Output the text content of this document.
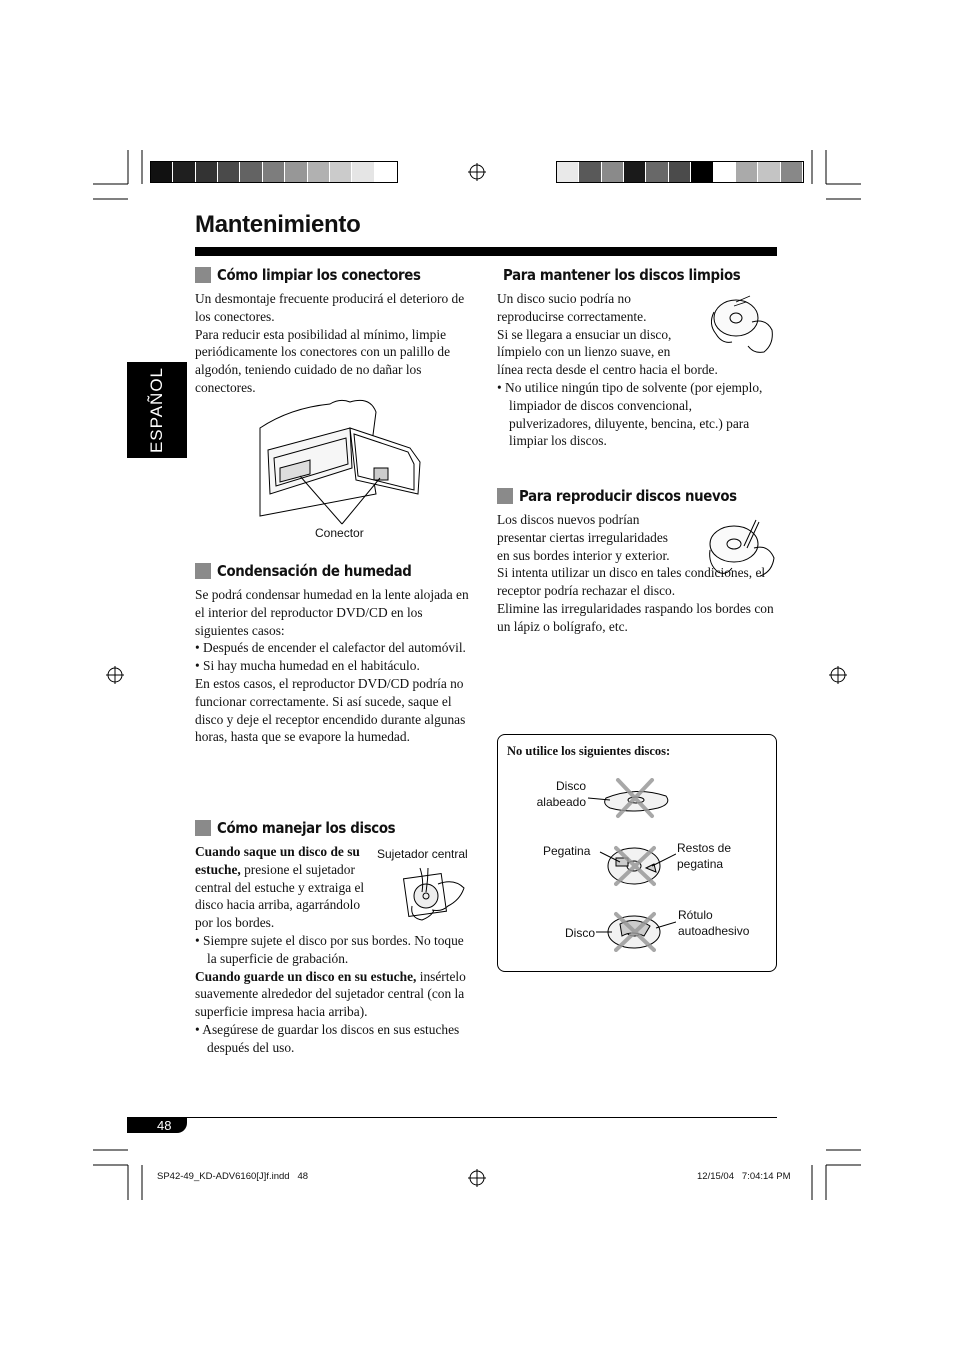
Mantenimiento
ESPAÑOL
Cómo limpiar los conectores
Un desmontaje frecuente producirá el deterioro de los conectores.
Para reducir esta posibilidad al mínimo, limpie periódicamente los conectores con un palillo de algodón, teniendo cuidado de no dañar los conectores.
Conector
Condensación de humedad
Se podrá condensar humedad en la lente alojada en el interior del reproductor DVD/CD en los siguientes casos:
• Después de encender el calefactor del automóvil.
• Si hay mucha humedad en el habitáculo.
En estos casos, el reproductor DVD/CD podría no funcionar correctamente. Si así sucede, saque el disco y deje el receptor encendido durante algunas horas, hasta que se evapore la humedad.
Cómo manejar los discos
Cuando saque un disco de su estuche, presione el sujetador central del estuche y extraiga el disco hacia arriba, agarrándolo por los bordes.
• Siempre sujete el disco por sus bordes. No toque la superficie de grabación.
Cuando guarde un disco en su estuche, insértelo suavemente alrededor del sujetador central (con la superficie impresa hacia arriba).
• Asegúrese de guardar los discos en sus estuches después del uso.
Sujetador central
Para mantener los discos limpios
Un disco sucio podría no
reproducirse correctamente.
Si se llegara a ensuciar un disco,
límpielo con un lienzo suave, en
línea recta desde el centro hacia el borde.
• No utilice ningún tipo de solvente (por ejemplo, limpiador de discos convencional, pulverizadores, diluyente, bencina, etc.) para limpiar los discos.
Para reproducir discos nuevos
Los discos nuevos podrían
presentar ciertas irregularidades
en sus bordes interior y exterior.
Si intenta utilizar un disco en tales condiciones, el receptor podría rechazar el disco.
Elimine las irregularidades raspando los bordes con un lápiz o bolígrafo, etc.
No utilice los siguientes discos:
Disco
alabeado
Pegatina	Restos de
pegatina
Disco
Rótulo
autoadhesivo
48
SP42-49_KD-ADV6160[J]f.indd   48	12/15/04   7:04:14 PM
